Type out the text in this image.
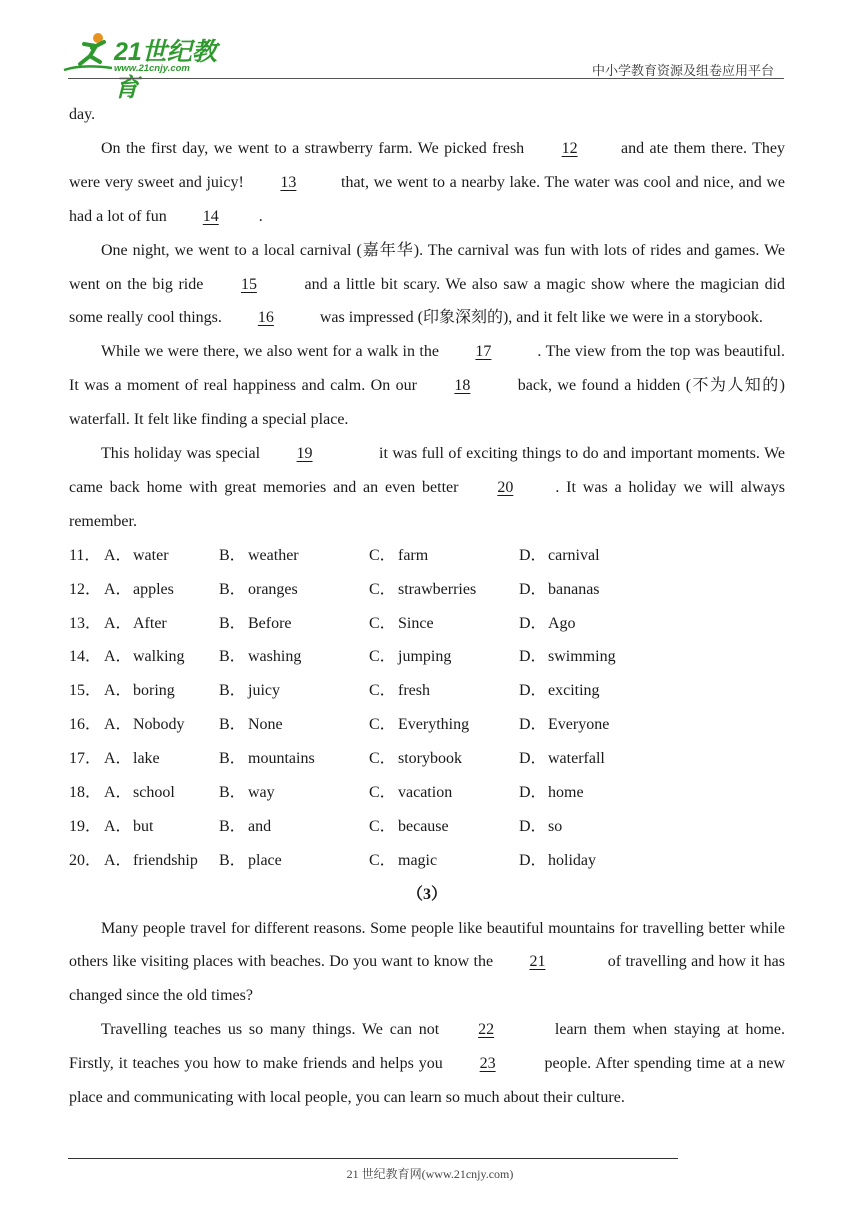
21世纪教育
www.21cnjy.com	中小学教育资源及组卷应用平台

day.

On the first day, we went to a strawberry farm. We picked fresh 12 and ate them there. They were very sweet and juicy! 13	that, we went to a nearby lake. The water was cool and nice, and we had a lot of fun 14	.

One night, we went to a local carnival (嘉年华). The carnival was fun with lots of rides and games. We went on the big ride 15	and a little bit scary. We also saw a magic show where the magician did some really cool things. 16	was impressed (印象深刻的), and it felt like we were in a storybook.

While we were there, we also went for a walk in the 17	. The view from the top was beautiful. It was a moment of real happiness and calm. On our 18	back, we found a hidden (不为人知的) waterfall. It felt like finding a special place.

This holiday was special 19	it was full of exciting things to do and important moments. We came back home with great memories and an even better 20	. It was a holiday we will always remember.

11． A． water	B． weather	C． farm	D． carnival
12． A． apples	B． oranges	C． strawberries	D． bananas
13． A． After	B． Before	C． Since	D． Ago
14． A． walking B． washing	C． jumping	D． swimming
15． A． boring	B． juicy	C． fresh	D． exciting
16． A． Nobody B． None	C． Everything	D． Everyone
17． A． lake	B． mountains	C． storybook	D． waterfall
18． A． school	B． way	C． vacation	D． home
19． A． but	B． and	C． because	D． so
20． A． friendship B． place	C． magic	D． holiday
（3）

Many people travel for different reasons. Some people like beautiful mountains for travelling better while others like visiting places with beaches. Do you want to know the 21	of travelling and how it has changed since the old times?

Travelling teaches us so many things. We can not 22	learn them when staying at home. Firstly, it teaches you how to make friends and helps you 23	people. After spending time at a new place and communicating with local people, you can learn so much about their culture.

21 世纪教育网(www.21cnjy.com)
